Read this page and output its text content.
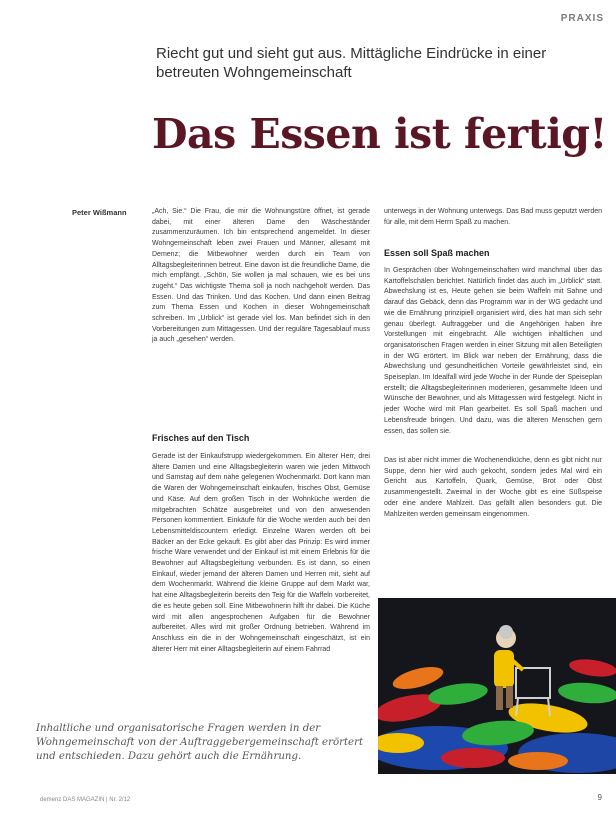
PRAXIS
Riecht gut und sieht gut aus. Mittägliche Eindrücke in einer betreuten Wohngemeinschaft
Das Essen ist fertig!
Peter Wißmann	„Ach, Sie.“ Die Frau, die mir die Wohnungstüre öffnet, ist gerade dabei, mit einer älteren Dame den Wäscheständer zusammenzuräumen. Ich bin entsprechend angemeldet. In dieser Wohngemeinschaft leben zwei Frauen und Männer, allesamt mit Demenz; die Mitbewohner werden durch ein Team von Alltagsbegleiterinnen betreut. Eine davon ist die freundliche Dame, die mich empfängt. „Schön, Sie wollen ja mal schauen, wie es bei uns zugeht.“ Das wichtigste Thema soll ja noch nachgeholt werden. Das Essen. Und das Trinken. Und das Kochen. Und dann einen Beitrag zum Thema Essen und Kochen in dieser Wohngemeinschaft schreiben. Im „Urblick“ ist gerade viel los. Man befindet sich in den Vorbereitungen zum Mittagessen. Und der reguläre Tagesablauf muss ja auch „gesehen“ werden.

Frisches auf den Tisch

Gerade ist der Einkaufstrupp wiedergekommen. Ein älterer Herr, drei ältere Damen und eine Alltagsbegleiterin waren wie jeden Mittwoch und Samstag auf dem nahe gelegenen Wochenmarkt. Dort kann man die Waren der Wohngemeinschaft einkaufen, frisches Obst, Gemüse und Käse. Auf dem großen Tisch in der Wohnküche werden die mitgebrachten Schätze ausgebreitet und von den anwesenden Personen kommentiert. Einkäufe für die Woche werden auch bei den Lebensmitteldiscountern erledigt. Einzelne Waren werden oft bei Bäcker an der Ecke gekauft. Es gibt aber das Prinzip: Es wird immer frische Ware verwendet und der Einkauf ist mit einem Erlebnis für die Bewohner auf Alltagsbegleitung verbunden. Es ist dann, so einen Einkauf, wieder jemand der älteren Damen und Herren mit, sieht auf dem Wochenmarkt. Während die kleine Gruppe auf dem Markt war, hat eine Alltagsbegleiterin bereits den Teig für die Waffeln vorbereitet, die es heute geben soll. Eine Mitbewohnerin hilft ihr dabei. Die Küche wird mit allen angesprochenen Aufgaben für die Bewohner aufbereitet. Alles wird mit großer Ordnung betrieben. Während im Anschluss ein die in der Wohngemeinschaft eingeschätzt, ist ein älterer Herr mit einer Alltagsbegleiterin auf einem Fahrrad

unterwegs in der Wohnung unterwegs. Das Bad muss geputzt werden für alle, mit dem Herrn Spaß zu machen.

Essen soll Spaß machen

In Gesprächen über Wohngemeinschaften wird manchmal über das Kartoffelschälen berichtet. Natürlich findet das auch im „Urblick“ statt. Abwechslung ist es, Heute gehen sie beim Waffeln mit Sahne und darauf das Gebäck, denn das Programm war in der WG gedacht und wie die Ernährung prinzipiell organisiert wird, dies hat man sich sehr genau überlegt. Auftraggeber und die Angehörigen haben ihre Vorstellungen mit eingebracht. Alle wichtigen inhaltlichen und organisatorischen Fragen werden in einer Sitzung mit allen Beteiligten in der WG erörtert. Im Blick war neben der Ernährung, dass die Abwechslung und gesundheitlichen Vorteile gewährleistet sind, ein Speiseplan. Im Idealfall wird jede Woche in der Runde der Speiseplan erstellt; die Alltagsbegleiterinnen moderieren, gesammelte Ideen und Wünsche der Bewohner, und als Mittagessen wird festgelegt. Nicht in jeder Woche wird mit Plan gearbeitet. Es soll Spaß machen und Lebensfreude bringen. Und dazu, was die älteren Menschen gern essen, das sollen sie.

Das ist aber nicht immer die Wochenendküche, denn es gibt nicht nur Suppe, denn hier wird auch gekocht, sondern jedes Mal wird ein Gericht aus Kartoffeln, Quark, Gemüse, Brot oder Obst zusammengestellt. Zweimal in der Woche gibt es eine Süßspeise oder eine andere Mahlzeit. Das gefällt allen besonders gut. Die Mahlzeiten werden gemeinsam eingenommen.

Inhaltliche und organisatorische Fragen werden in der Wohngemeinschaft von der Auftraggebergemeinschaft erörtert und entschieden. Dazu gehört auch die Ernährung.
demenz DAS MAGAZIN | Nr. 2/12	9
